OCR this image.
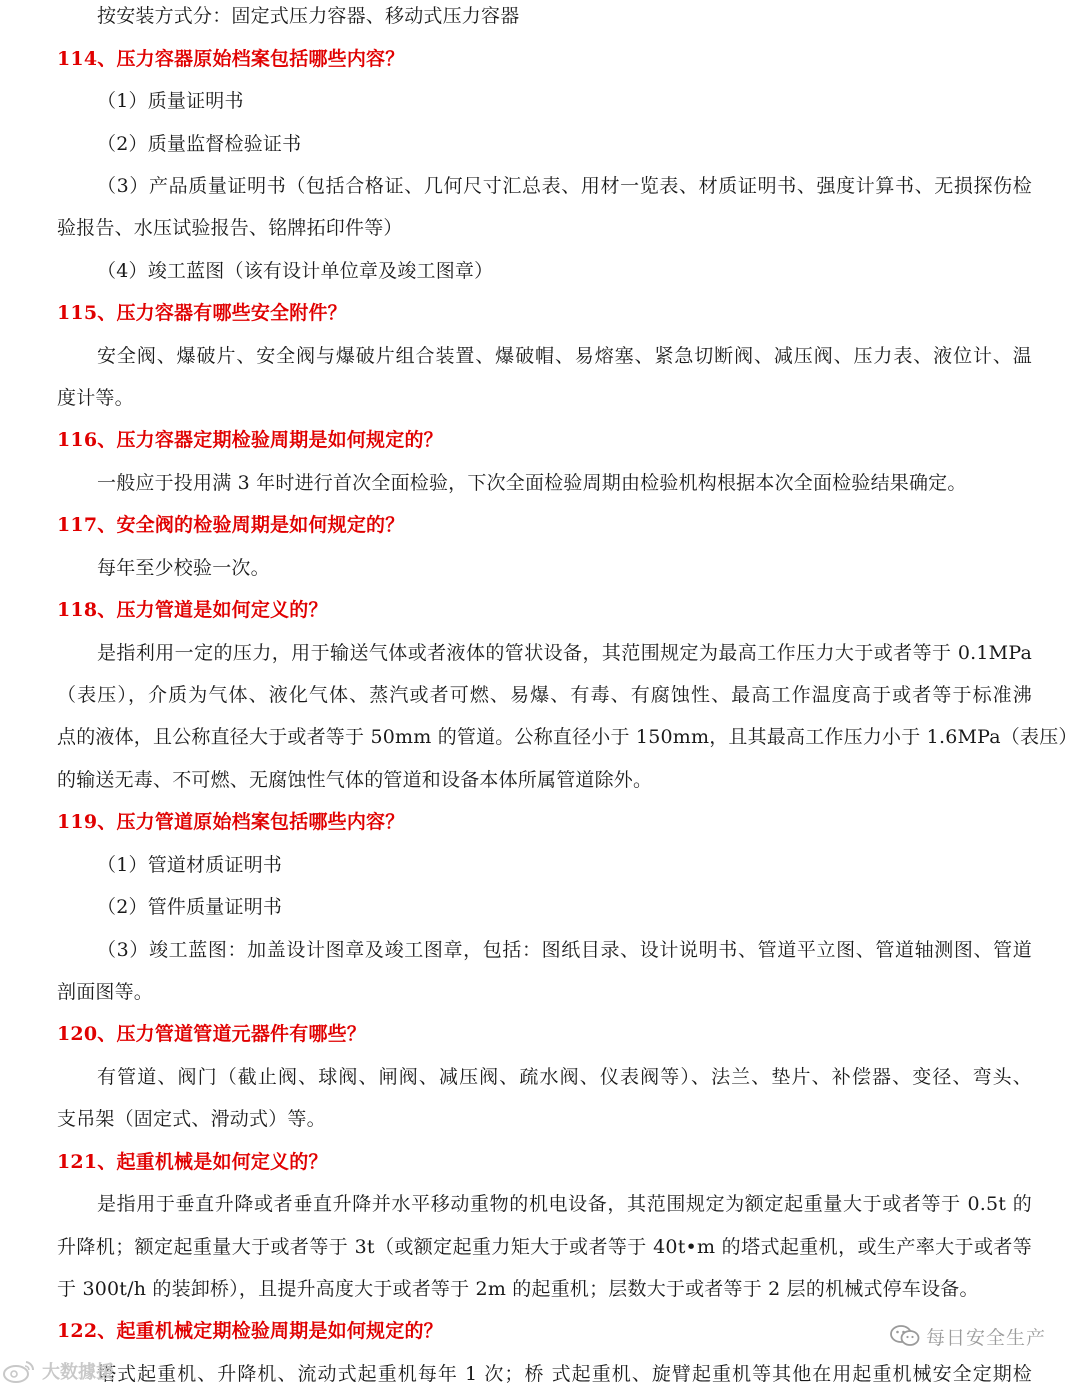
按安装方式分：固定式压力容器、移动式压力容器
114、压力容器原始档案包括哪些内容？
（1）质量证明书
（2）质量监督检验证书
（3）产品质量证明书（包括合格证、几何尺寸汇总表、用材一览表、材质证明书、强度计算书、无损探伤检
验报告、水压试验报告、铭牌拓印件等）
（4）竣工蓝图（该有设计单位章及竣工图章）
115、压力容器有哪些安全附件？
安全阀、爆破片、安全阀与爆破片组合装置、爆破帽、易熔塞、紧急切断阀、减压阀、压力表、液位计、温
度计等。
116、压力容器定期检验周期是如何规定的？
一般应于投用满 3 年时进行首次全面检验，下次全面检验周期由检验机构根据本次全面检验结果确定。
117、安全阀的检验周期是如何规定的？
每年至少校验一次。
118、压力管道是如何定义的？
是指利用一定的压力，用于输送气体或者液体的管状设备，其范围规定为最高工作压力大于或者等于 0.1MPa
（表压），介质为气体、液化气体、蒸汽或者可燃、易爆、有毒、有腐蚀性、最高工作温度高于或者等于标准沸
点的液体，且公称直径大于或者等于 50mm 的管道。公称直径小于 150mm，且其最高工作压力小于 1.6MPa（表压）
的输送无毒、不可燃、无腐蚀性气体的管道和设备本体所属管道除外。
119、压力管道原始档案包括哪些内容？
（1）管道材质证明书
（2）管件质量证明书
（3）竣工蓝图：加盖设计图章及竣工图章，包括：图纸目录、设计说明书、管道平立图、管道轴测图、管道
剖面图等。
120、压力管道管道元器件有哪些？
有管道、阀门（截止阀、球阀、闸阀、减压阀、疏水阀、仪表阀等）、法兰、垫片、补偿器、变径、弯头、
支吊架（固定式、滑动式）等。
121、起重机械是如何定义的？
是指用于垂直升降或者垂直升降并水平移动重物的机电设备，其范围规定为额定起重量大于或者等于 0.5t 的
升降机；额定起重量大于或者等于 3t（或额定起重力矩大于或者等于 40t•m 的塔式起重机，或生产率大于或者等
于 300t/h 的装卸桥），且提升高度大于或者等于 2m 的起重机；层数大于或者等于 2 层的机械式停车设备。
122、起重机械定期检验周期是如何规定的？
塔式起重机、升降机、流动式起重机每年 1 次；桥 式起重机、旋臂起重机等其他在用起重机械安全定期检
每日安全生产
大数據援
